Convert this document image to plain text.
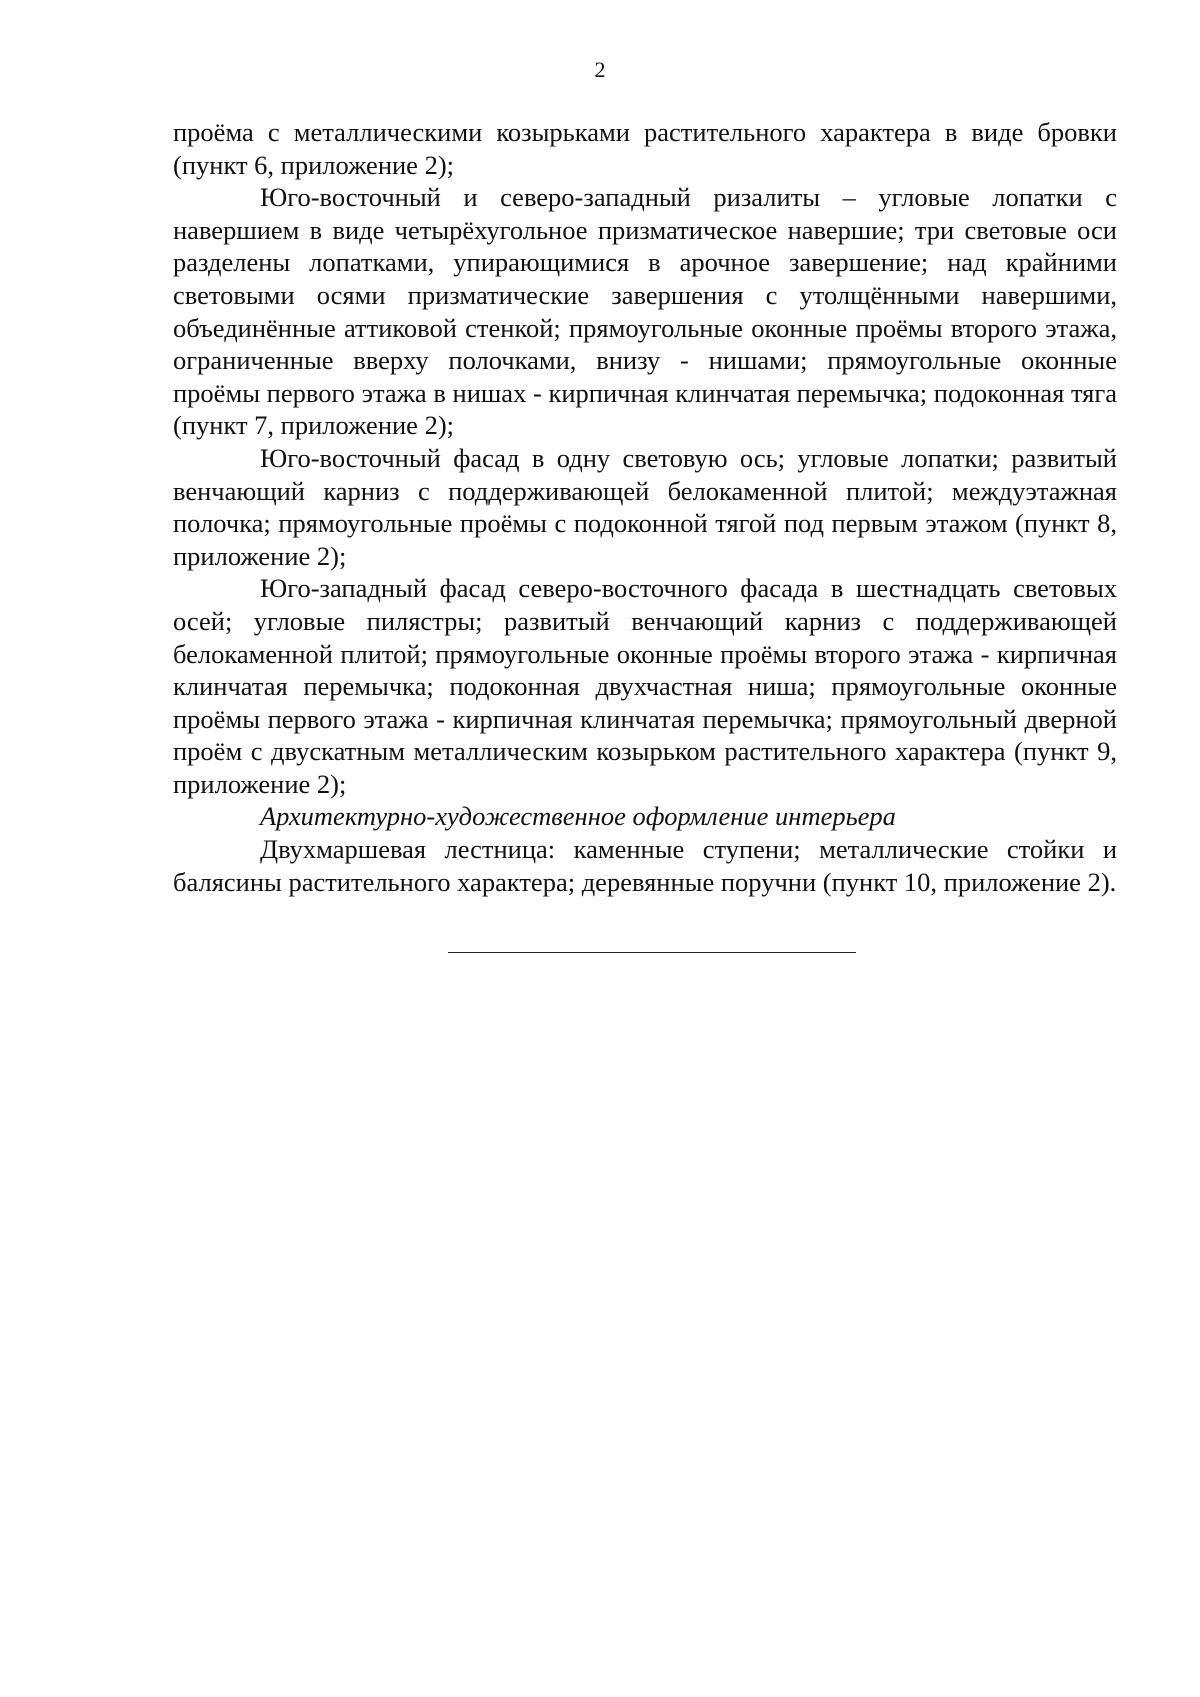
2

проёма с металлическими козырьками растительного характера в виде бровки (пункт 6, приложение 2);

Юго-восточный и северо-западный ризалиты – угловые лопатки с навершием в виде четырёхугольное призматическое навершие; три световые оси разделены лопатками, упирающимися в арочное завершение; над крайними световыми осями призматические завершения с утолщёнными навершими, объединённые аттиковой стенкой; прямоугольные оконные проёмы второго этажа, ограниченные вверху полочками, внизу - нишами; прямоугольные оконные проёмы первого этажа в нишах - кирпичная клинчатая перемычка; подоконная тяга (пункт 7, приложение 2);

Юго-восточный фасад в одну световую ось; угловые лопатки; развитый венчающий карниз с поддерживающей белокаменной плитой; междуэтажная полочка; прямоугольные проёмы с подоконной тягой под первым этажом (пункт 8, приложение 2);

Юго-западный фасад северо-восточного фасада в шестнадцать световых осей; угловые пилястры; развитый венчающий карниз с поддерживающей белокаменной плитой; прямоугольные оконные проёмы второго этажа - кирпичная клинчатая перемычка; подоконная двухчастная ниша; прямоугольные оконные проёмы первого этажа - кирпичная клинчатая перемычка; прямоугольный дверной проём с двускатным металлическим козырьком растительного характера (пункт 9, приложение 2);

Архитектурно-художественное оформление интерьера

Двухмаршевая лестница: каменные ступени; металлические стойки и балясины растительного характера; деревянные поручни (пункт 10, приложение 2).
